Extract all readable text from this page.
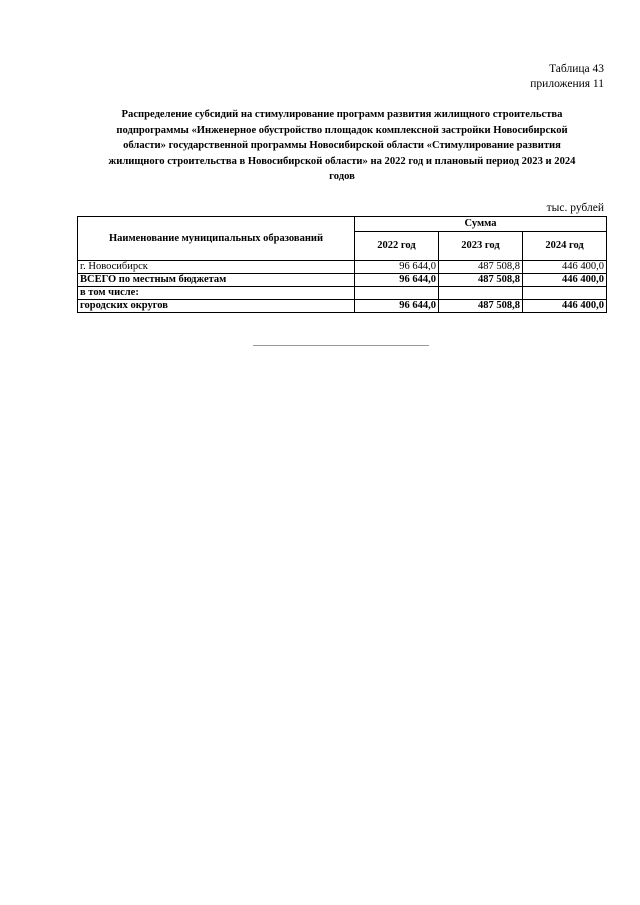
Таблица 43
приложения 11
Распределение субсидий на стимулирование программ развития жилищного строительства
подпрограммы «Инженерное обустройство площадок комплексной застройки Новосибирской
области» государственной программы Новосибирской области «Стимулирование развития
жилищного строительства в Новосибирской области» на 2022 год и плановый период 2023 и 2024
годов
тыс. рублей
Наименование муниципальных образований	Сумма		
	2022 год	2023 год	2024 год
г. Новосибирск	96 644,0	487 508,8	446 400,0
ВСЕГО по местным бюджетам	96 644,0	487 508,8	446 400,0
в том числе:			
городских округов	96 644,0	487 508,8	446 400,0
